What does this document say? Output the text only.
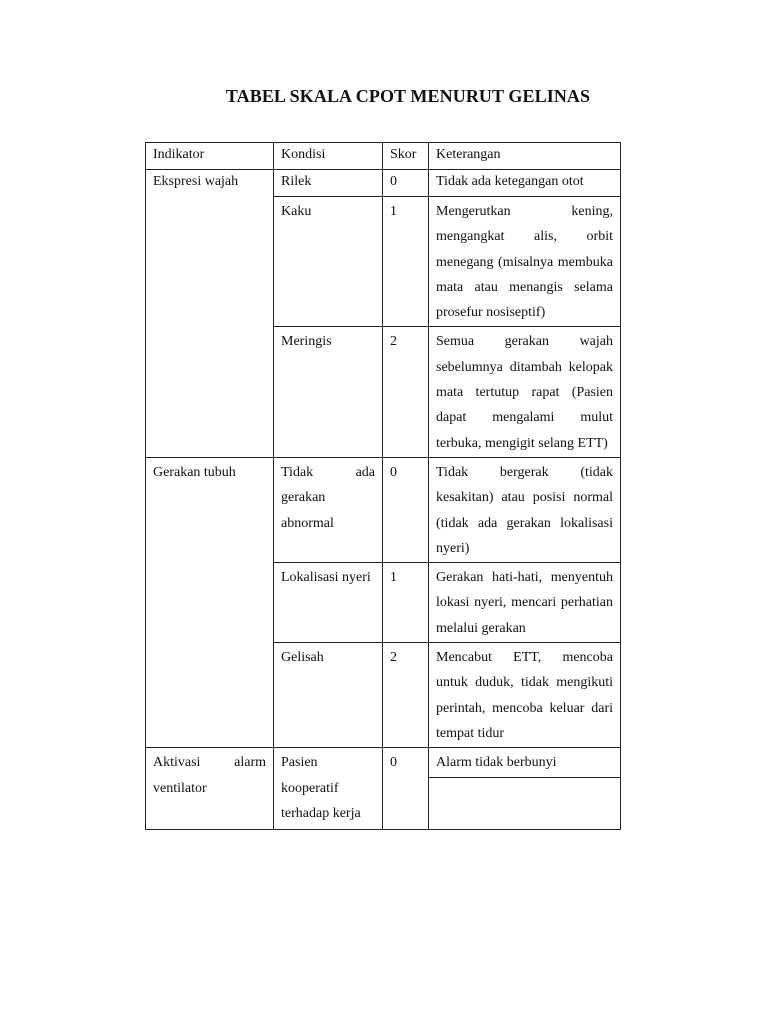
TABEL SKALA CPOT MENURUT GELINAS
Indikator	Kondisi	Skor	Keterangan
Ekspresi wajah	Rilek	0	Tidak ada ketegangan otot
	Kaku	1	Mengerutkan kening, mengangkat alis, orbit menegang (misalnya membuka mata atau menangis selama prosefur nosiseptif)

	Meringis	2	Semua gerakan wajah sebelumnya ditambah kelopak mata tertutup rapat (Pasien dapat mengalami mulut terbuka, mengigit selang ETT)

Gerakan tubuh	Tidak ada gerakan abnormal	0	Tidak bergerak (tidak kesakitan) atau posisi normal (tidak ada gerakan lokalisasi nyeri)

	Lokalisasi nyeri	1	Gerakan hati-hati, menyentuh lokasi nyeri, mencari perhatian melalui gerakan

	Gelisah	2	Mencabut ETT, mencoba untuk duduk, tidak mengikuti perintah, mencoba keluar dari tempat tidur

Aktivasi alarm ventilator	Pasien kooperatif terhadap kerja	0	Alarm tidak berbunyi
